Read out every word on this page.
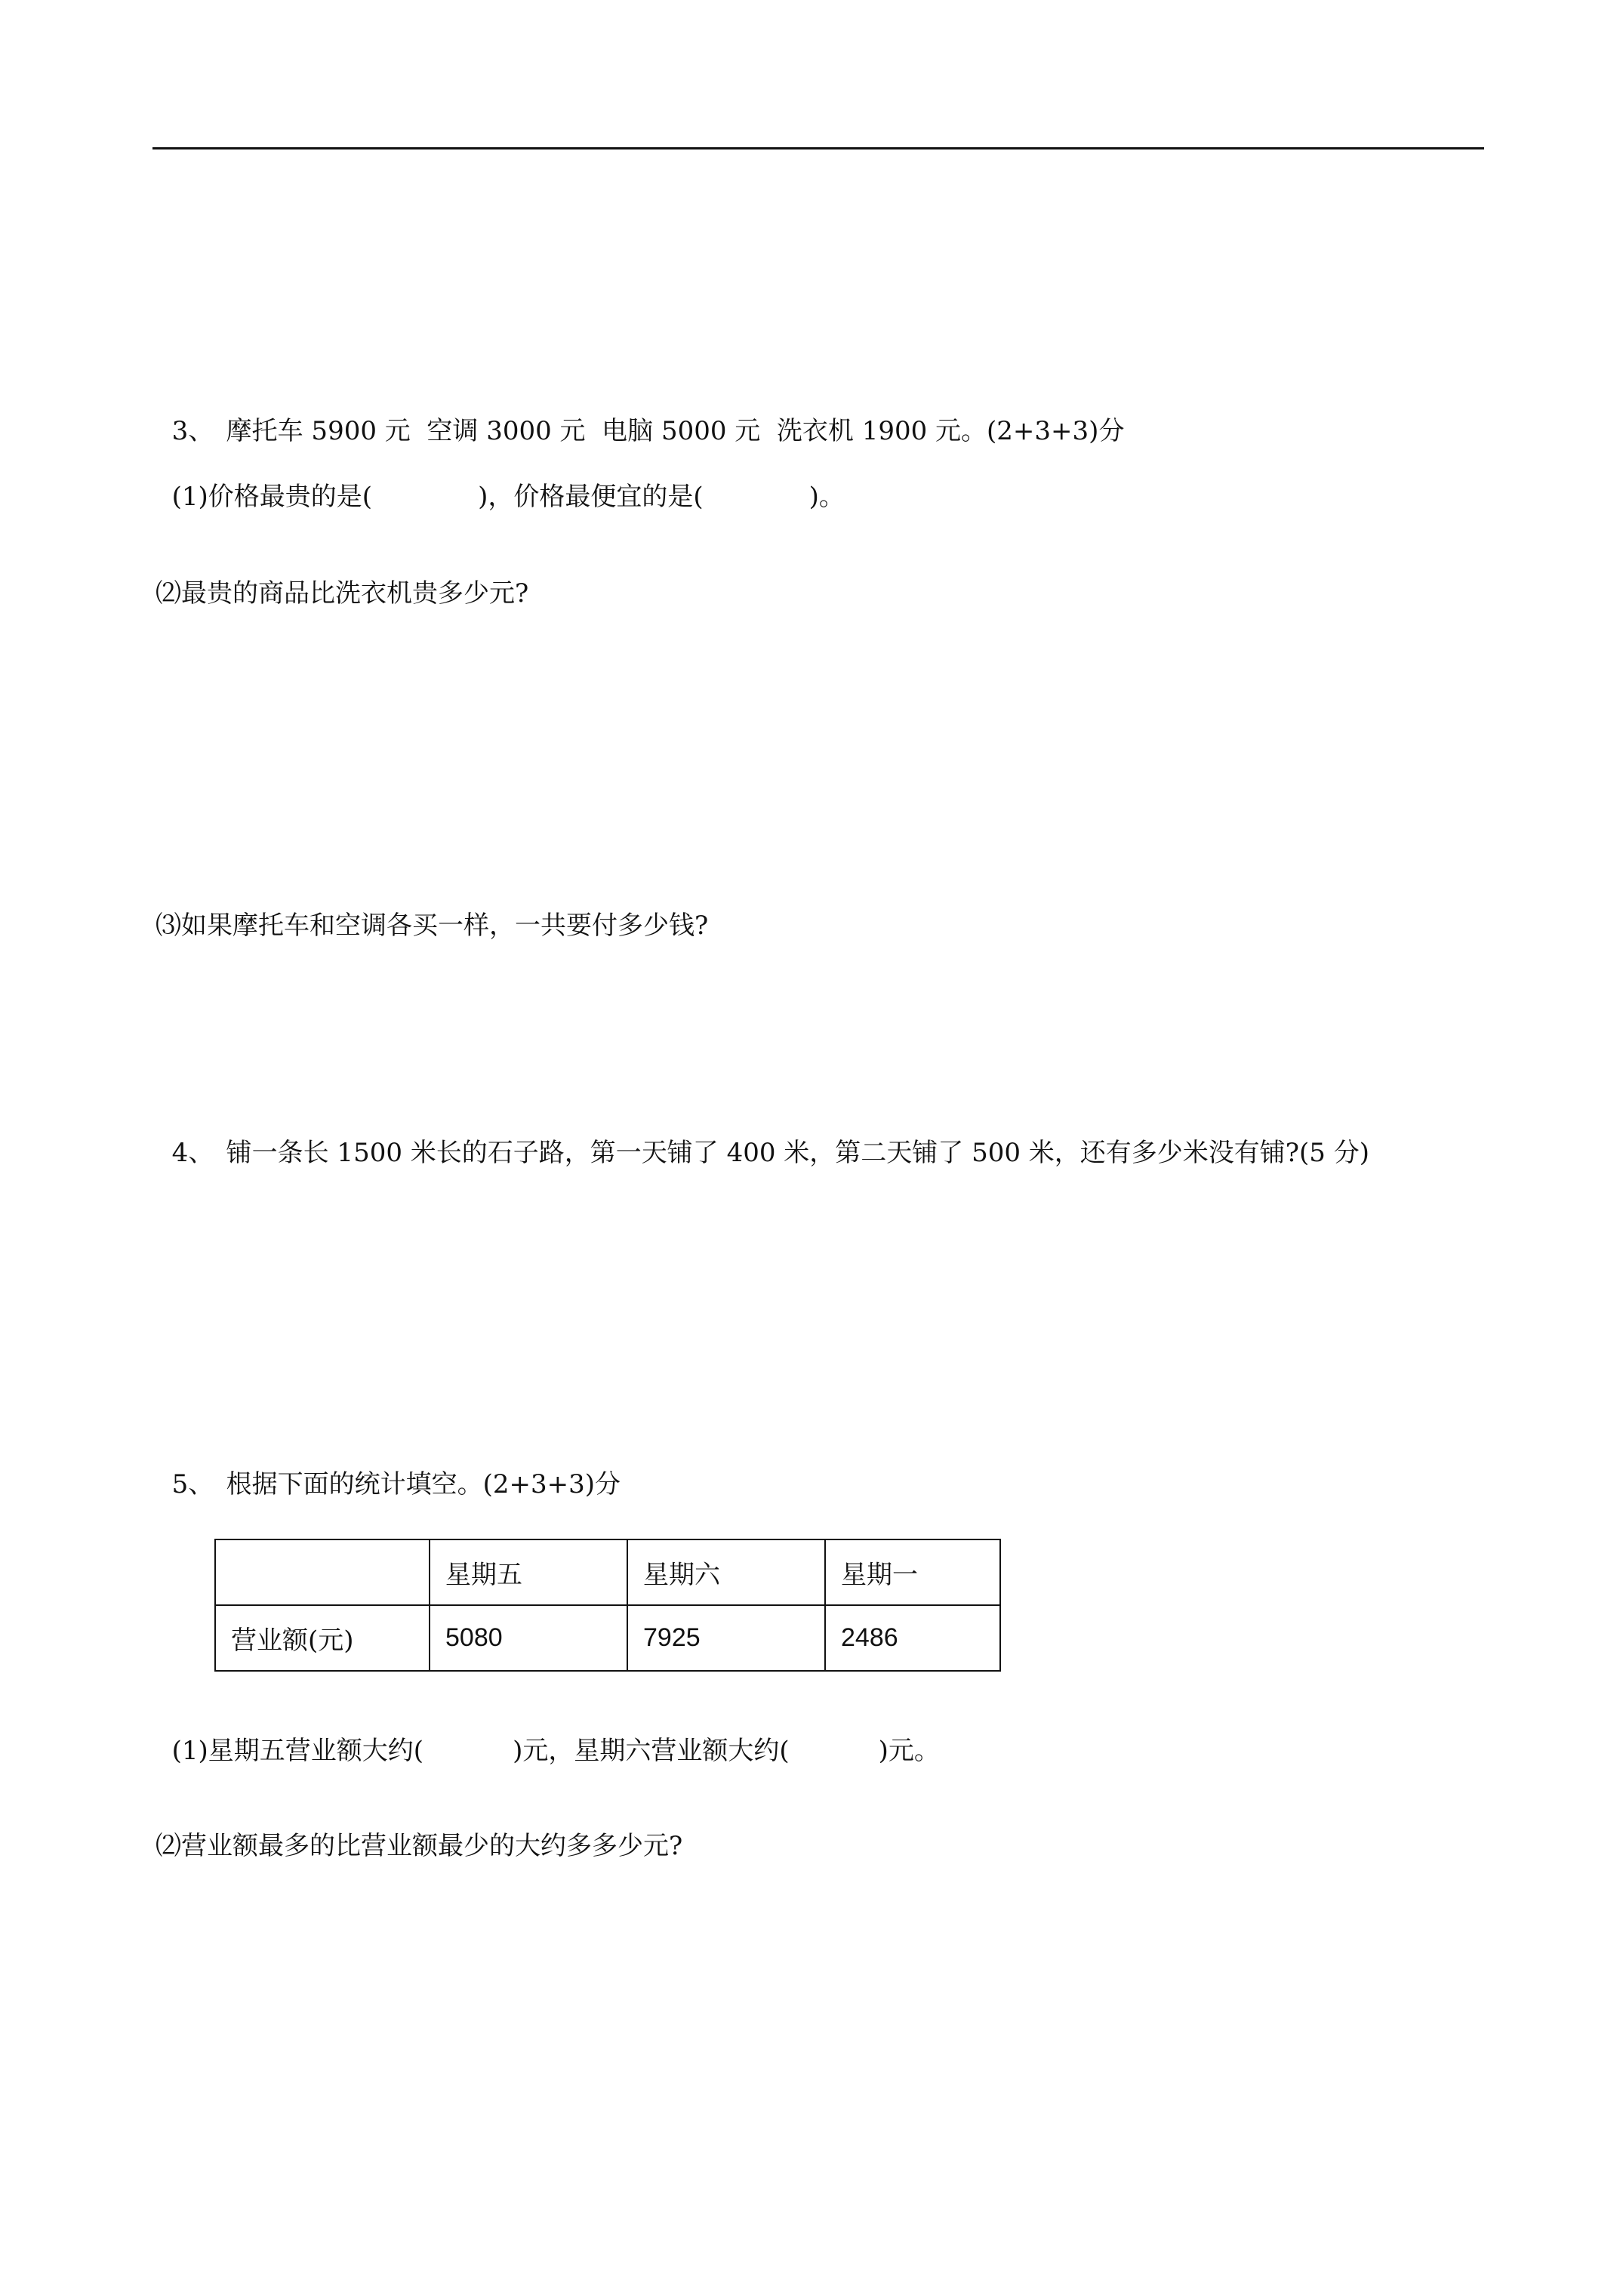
3、 摩托车 5900 元  空调 3000 元  电脑 5000 元  洗衣机 1900 元。(2+3+3)分

(1)价格最贵的是(	)，价格最便宜的是(	)。

⑵最贵的商品比洗衣机贵多少元?
⑶如果摩托车和空调各买一样，一共要付多少钱?

4、 铺一条长 1500 米长的石子路，第一天铺了 400 米，第二天铺了 500 米，还有多少米没有铺?(5 分)

5、 根据下面的统计填空。(2+3+3)分

	星期五	星期六	星期一
营业额(元)	5080	7925	2486

(1)星期五营业额大约(	)元，星期六营业额大约(	)元。

⑵营业额最多的比营业额最少的大约多多少元?
